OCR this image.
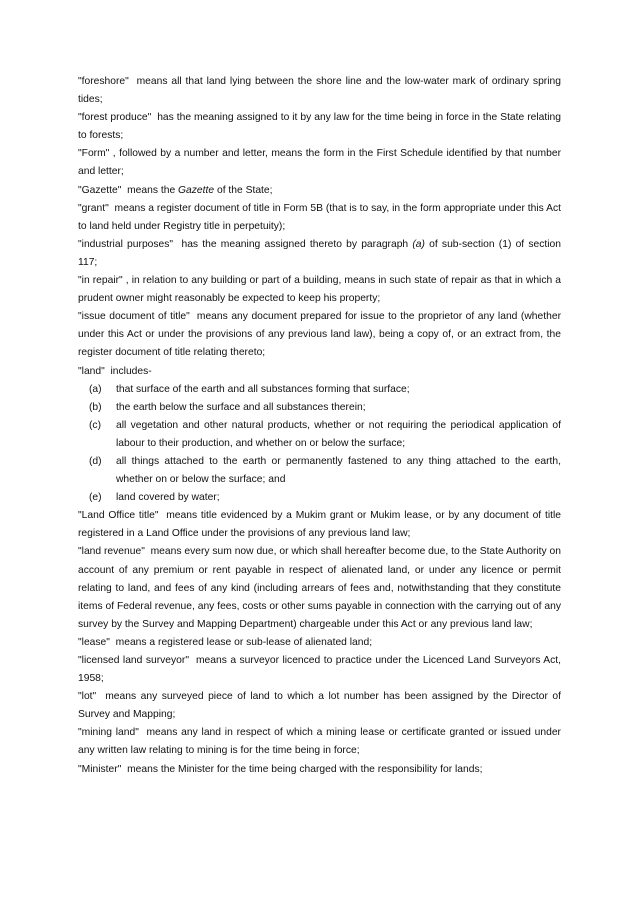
"foreshore"  means all that land lying between the shore line and the low-water mark of ordinary spring tides;

"forest produce"  has the meaning assigned to it by any law for the time being in force in the State relating to forests;

"Form" , followed by a number and letter, means the form in the First Schedule identified by that number and letter;

"Gazette"  means the Gazette of the State;

"grant"  means a register document of title in Form 5B (that is to say, in the form appropriate under this Act to land held under Registry title in perpetuity);

"industrial purposes"  has the meaning assigned thereto by paragraph (a) of sub-section (1) of section 117;

"in repair" , in relation to any building or part of a building, means in such state of repair as that in which a prudent owner might reasonably be expected to keep his property;

"issue document of title"  means any document prepared for issue to the proprietor of any land (whether under this Act or under the provisions of any previous land law), being a copy of, or an extract from, the register document of title relating thereto;

"land"  includes-

(a) that surface of the earth and all substances forming that surface;
(b) the earth below the surface and all substances therein;
(c) all vegetation and other natural products, whether or not requiring the periodical application of labour to their production, and whether on or below the surface;
(d) all things attached to the earth or permanently fastened to any thing attached to the earth, whether on or below the surface; and
(e) land covered by water;

"Land Office title"  means title evidenced by a Mukim grant or Mukim lease, or by any document of title registered in a Land Office under the provisions of any previous land law;

"land revenue"  means every sum now due, or which shall hereafter become due, to the State Authority on account of any premium or rent payable in respect of alienated land, or under any licence or permit relating to land, and fees of any kind (including arrears of fees and, notwithstanding that they constitute items of Federal revenue, any fees, costs or other sums payable in connection with the carrying out of any survey by the Survey and Mapping Department) chargeable under this Act or any previous land law;

"lease"  means a registered lease or sub-lease of alienated land;

"licensed land surveyor"  means a surveyor licenced to practice under the Licenced Land Surveyors Act, 1958;

"lot"  means any surveyed piece of land to which a lot number has been assigned by the Director of Survey and Mapping;

"mining land"  means any land in respect of which a mining lease or certificate granted or issued under any written law relating to mining is for the time being in force;

"Minister"  means the Minister for the time being charged with the responsibility for lands;
